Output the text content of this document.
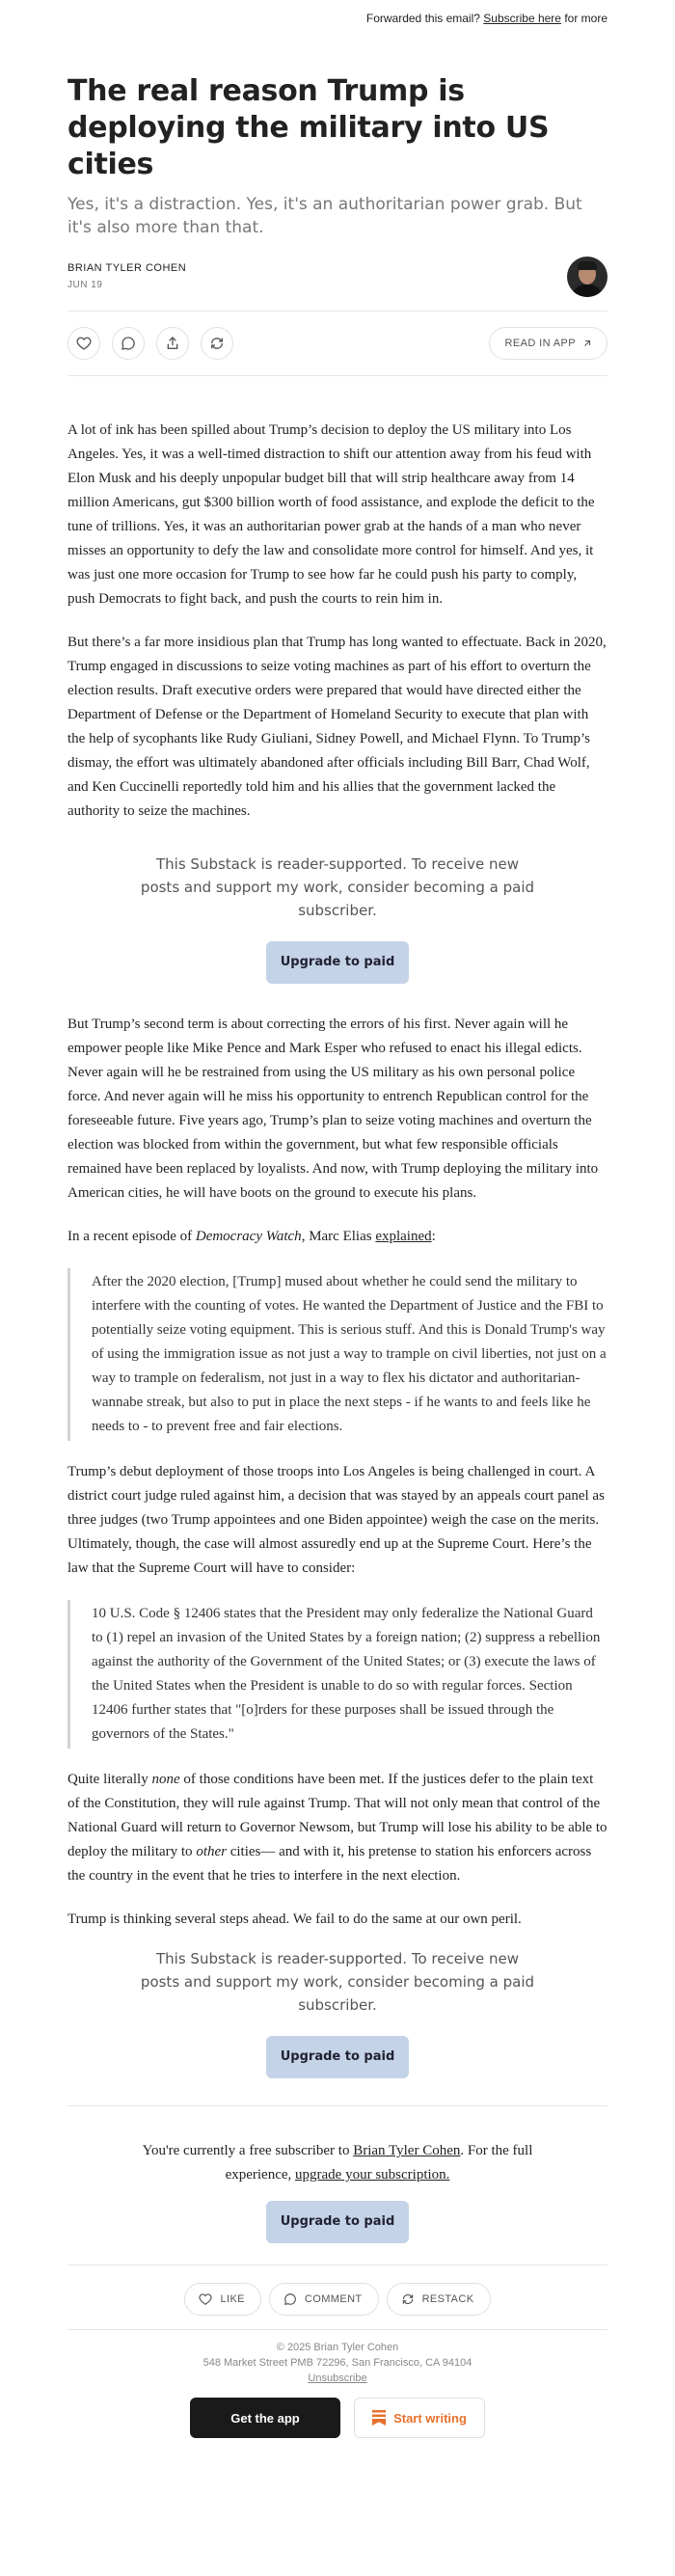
Forwarded this email? Subscribe here for more
The real reason Trump is deploying the military into US cities
Yes, it's a distraction. Yes, it's an authoritarian power grab. But it's also more than that.
BRIAN TYLER COHEN
JUN 19
READ IN APP

A lot of ink has been spilled about Trump’s decision to deploy the US military into Los Angeles. Yes, it was a well-timed distraction to shift our attention away from his feud with Elon Musk and his deeply unpopular budget bill that will strip healthcare away from 14 million Americans, gut $300 billion worth of food assistance, and explode the deficit to the tune of trillions. Yes, it was an authoritarian power grab at the hands of a man who never misses an opportunity to defy the law and consolidate more control for himself. And yes, it was just one more occasion for Trump to see how far he could push his party to comply, push Democrats to fight back, and push the courts to rein him in.

But there’s a far more insidious plan that Trump has long wanted to effectuate. Back in 2020, Trump engaged in discussions to seize voting machines as part of his effort to overturn the election results. Draft executive orders were prepared that would have directed either the Department of Defense or the Department of Homeland Security to execute that plan with the help of sycophants like Rudy Giuliani, Sidney Powell, and Michael Flynn. To Trump’s dismay, the effort was ultimately abandoned after officials including Bill Barr, Chad Wolf, and Ken Cuccinelli reportedly told him and his allies that the government lacked the authority to seize the machines.

This Substack is reader-supported. To receive new posts and support my work, consider becoming a paid subscriber.
Upgrade to paid

But Trump’s second term is about correcting the errors of his first. Never again will he empower people like Mike Pence and Mark Esper who refused to enact his illegal edicts. Never again will he be restrained from using the US military as his own personal police force. And never again will he miss his opportunity to entrench Republican control for the foreseeable future. Five years ago, Trump’s plan to seize voting machines and overturn the election was blocked from within the government, but what few responsible officials remained have been replaced by loyalists. And now, with Trump deploying the military into American cities, he will have boots on the ground to execute his plans.

In a recent episode of Democracy Watch, Marc Elias explained:

After the 2020 election, [Trump] mused about whether he could send the military to interfere with the counting of votes. He wanted the Department of Justice and the FBI to potentially seize voting equipment. This is serious stuff. And this is Donald Trump's way of using the immigration issue as not just a way to trample on civil liberties, not just on a way to trample on federalism, not just in a way to flex his dictator and authoritarian-wannabe streak, but also to put in place the next steps - if he wants to and feels like he needs to - to prevent free and fair elections.

Trump’s debut deployment of those troops into Los Angeles is being challenged in court. A district court judge ruled against him, a decision that was stayed by an appeals court panel as three judges (two Trump appointees and one Biden appointee) weigh the case on the merits. Ultimately, though, the case will almost assuredly end up at the Supreme Court. Here’s the law that the Supreme Court will have to consider:

10 U.S. Code § 12406 states that the President may only federalize the National Guard to (1) repel an invasion of the United States by a foreign nation; (2) suppress a rebellion against the authority of the Government of the United States; or (3) execute the laws of the United States when the President is unable to do so with regular forces. Section 12406 further states that "[o]rders for these purposes shall be issued through the governors of the States."

Quite literally none of those conditions have been met. If the justices defer to the plain text of the Constitution, they will rule against Trump. That will not only mean that control of the National Guard will return to Governor Newsom, but Trump will lose his ability to be able to deploy the military to other cities— and with it, his pretense to station his enforcers across the country in the event that he tries to interfere in the next election.

Trump is thinking several steps ahead. We fail to do the same at our own peril.

This Substack is reader-supported. To receive new posts and support my work, consider becoming a paid subscriber.
Upgrade to paid
You're currently a free subscriber to Brian Tyler Cohen. For the full experience, upgrade your subscription.
Upgrade to paid
LIKE	COMMENT	RESTACK
© 2025 Brian Tyler Cohen
548 Market Street PMB 72296, San Francisco, CA 94104
Unsubscribe
Get the app	Start writing
